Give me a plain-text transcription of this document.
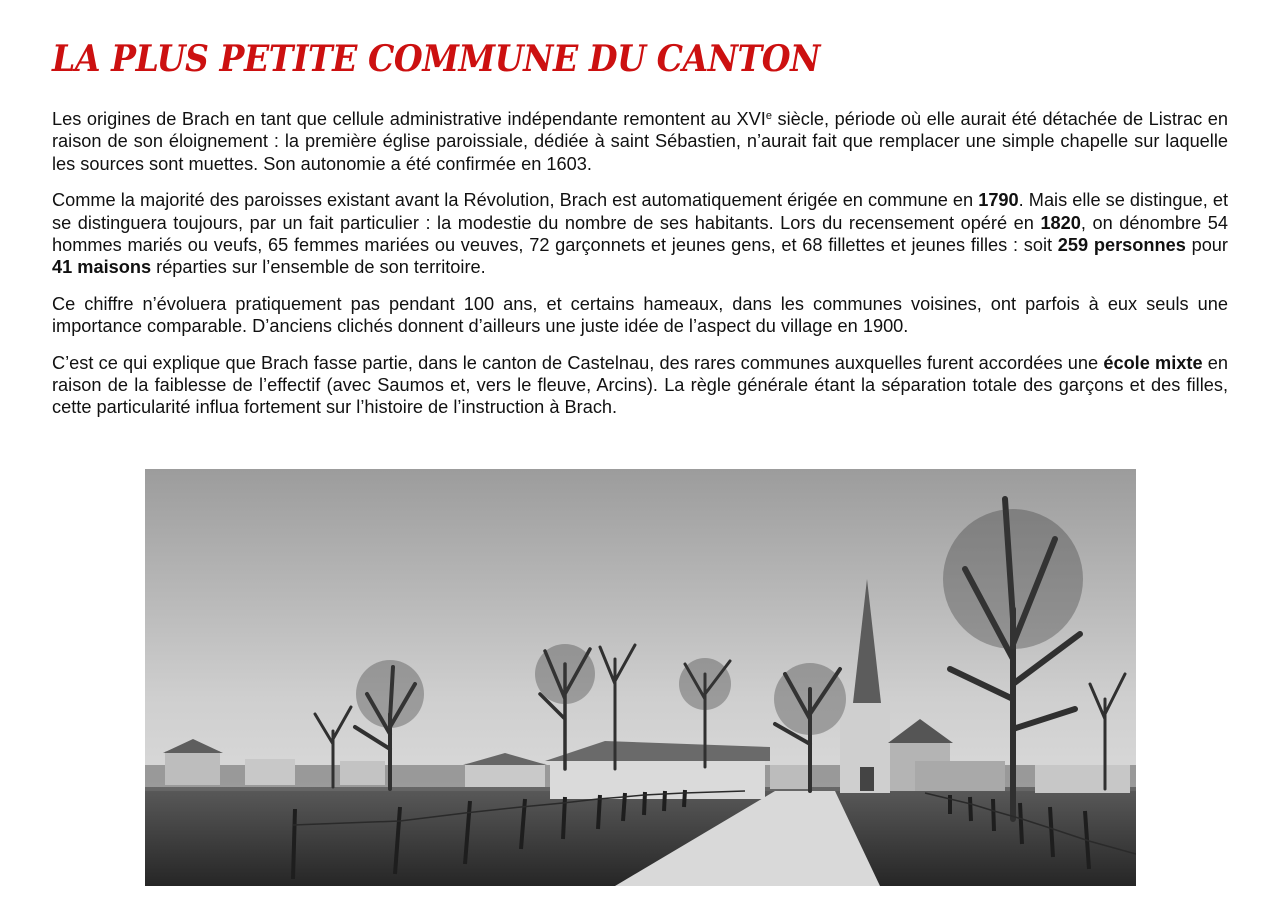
LA PLUS PETITE COMMUNE DU CANTON

Les origines de Brach en tant que cellule administrative indépendante remontent au XVIe siècle, période où elle aurait été détachée de Listrac en raison de son éloignement : la première église paroissiale, dédiée à saint Sébastien, n’aurait fait que remplacer une simple chapelle sur laquelle les sources sont muettes. Son autonomie a été confirmée en 1603.

Comme la majorité des paroisses existant avant la Révolution, Brach est automatiquement érigée en commune en 1790. Mais elle se distingue, et se distinguera toujours, par un fait particulier : la modestie du nombre de ses habitants. Lors du recensement opéré en 1820, on dénombre 54 hommes mariés ou veufs, 65 femmes mariées ou veuves, 72 garçonnets et jeunes gens, et 68 fillettes et jeunes filles : soit 259 personnes pour 41 maisons réparties sur l’ensemble de son territoire.

Ce chiffre n’évoluera pratiquement pas pendant 100 ans, et certains hameaux, dans les communes voisines, ont parfois à eux seuls une importance comparable. D’anciens clichés donnent d’ailleurs une juste idée de l’aspect du village en 1900.

C’est ce qui explique que Brach fasse partie, dans le canton de Castelnau, des rares communes auxquelles furent accordées une école mixte en raison de la faiblesse de l’effectif (avec Saumos et, vers le fleuve, Arcins). La règle générale étant la séparation totale des garçons et des filles, cette particularité influa fortement sur l’histoire de l’instruction à Brach.
